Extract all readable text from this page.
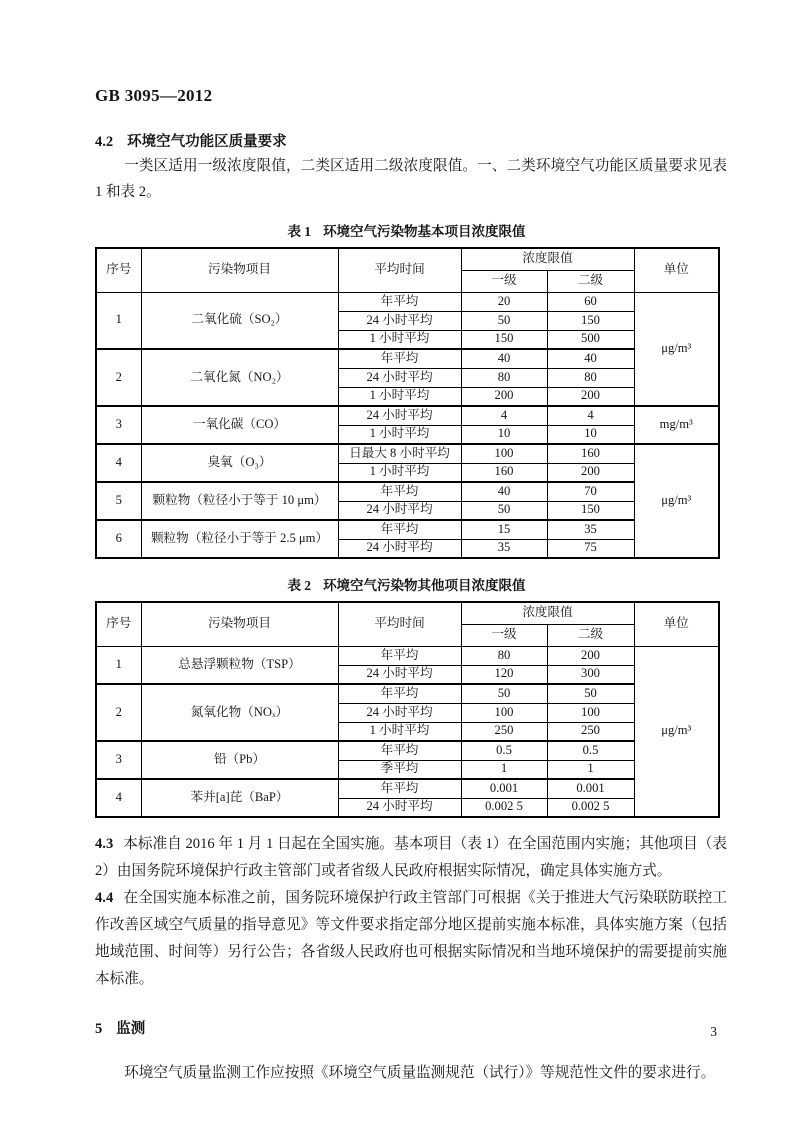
GB 3095—2012
4.2 环境空气功能区质量要求

一类区适用一级浓度限值，二类区适用二级浓度限值。一、二类环境空气功能区质量要求见表 1 和表 2。

表 1 环境空气污染物基本项目浓度限值
序号	污染物项目	平均时间	浓度限值		单位
			一级	二级	
1	二氧化硫（SO₂）	年平均	20	60	μg/m³
		24 小时平均	50	150	
		1 小时平均	150	500	
2	二氧化氮（NO₂）	年平均	40	40	
		24 小时平均	80	80	
		1 小时平均	200	200	
3	一氧化碳（CO）	24 小时平均	4	4	mg/m³
		1 小时平均	10	10	
4	臭氧（O₃）	日最大 8 小时平均	100	160	μg/m³
		1 小时平均	160	200	
5	颗粒物（粒径小于等于 10 μm）	年平均	40	70	
		24 小时平均	50	150	
6	颗粒物（粒径小于等于 2.5 μm）	年平均	15	35	
		24 小时平均	35	75	
表 2 环境空气污染物其他项目浓度限值
序号	污染物项目	平均时间	浓度限值		单位
			一级	二级	
1	总悬浮颗粒物（TSP）	年平均	80	200	μg/m³
		24 小时平均	120	300	
2	氮氧化物（NOₓ）	年平均	50	50	
		24 小时平均	100	100	
		1 小时平均	250	250	
3	铅（Pb）	年平均	0.5	0.5	
		季平均	1	1	
4	苯并[a]芘（BaP）	年平均	0.001	0.001	
		24 小时平均	0.002 5	0.002 5	

4.3 本标准自 2016 年 1 月 1 日起在全国实施。基本项目（表 1）在全国范围内实施；其他项目（表 2）由国务院环境保护行政主管部门或者省级人民政府根据实际情况，确定具体实施方式。

4.4 在全国实施本标准之前，国务院环境保护行政主管部门可根据《关于推进大气污染联防联控工作改善区域空气质量的指导意见》等文件要求指定部分地区提前实施本标准，具体实施方案（包括地域范围、时间等）另行公告；各省级人民政府也可根据实际情况和当地环境保护的需要提前实施本标准。

5 监测

环境空气质量监测工作应按照《环境空气质量监测规范（试行）》等规范性文件的要求进行。

3
